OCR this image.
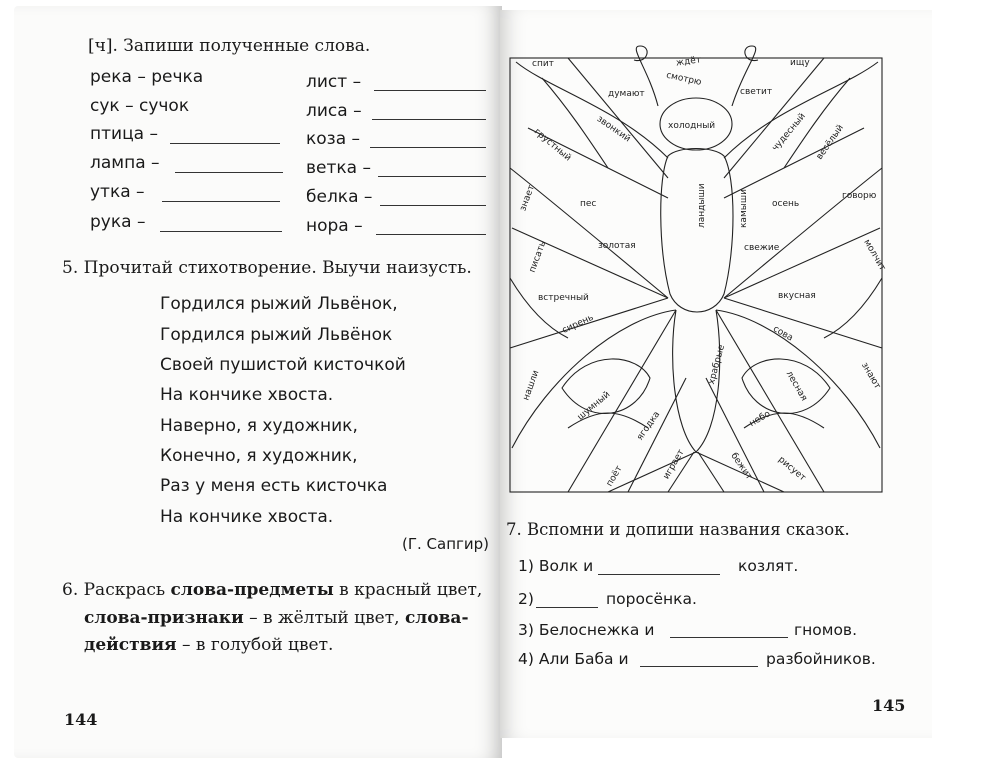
[ч]. Запиши полученные слова.
река – речка
сук – сучок
птица –
лампа –
утка –
рука –
лист –
лиса –
коза –
ветка –
белка –
нора –
5. Прочитай стихотворение. Выучи наизусть.
Гордился рыжий Львёнок,
Гордился рыжий Львёнок
Своей пушистой кисточкой
На кончике хвоста.
Наверно, я художник,
Конечно, я художник,
Раз у меня есть кисточка
На кончике хвоста.
(Г. Сапгир)
6. Раскрась слова-предметы в красный цвет,
слова-признаки – в жёлтый цвет, слова-
действия – в голубой цвет.
144
спит	ждёт	ищу
думают
смотрю
светит
холодный
звонкий	чудесный
грустный	весёлый
знает	пес	осень
говорю
ландыши	камыши
золотая	свежие
писать	молчит
встречный	вкусная
сирень	сова
храбрые
нашли	знают
шумный
лесная
ягодка	небо
поёт	играет	бежит рисует
7. Вспомни и допиши названия сказок.
1) Волк и	козлят.
2)	поросёнка.
3) Белоснежка и	гномов.
4) Али Баба и	разбойников.
145
